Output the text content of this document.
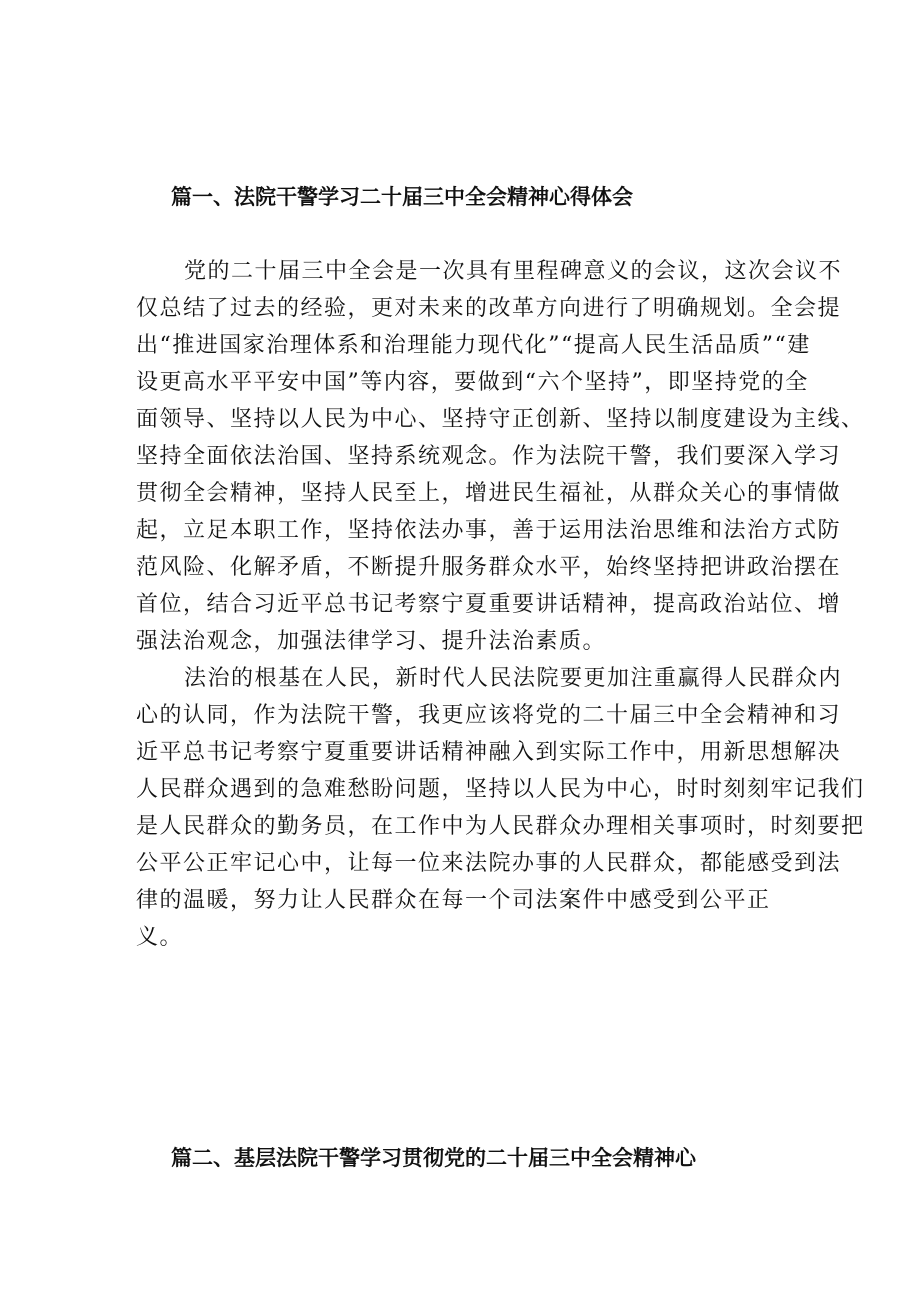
篇一、法院干警学习二十届三中全会精神心得体会
党的二十届三中全会是一次具有里程碑意义的会议，这次会议不
仅总结了过去的经验，更对未来的改革方向进行了明确规划。全会提
出“推进国家治理体系和治理能力现代化”“提高人民生活品质”“建
设更高水平平安中国”等内容，要做到“六个坚持”，即坚持党的全
面领导、坚持以人民为中心、坚持守正创新、坚持以制度建设为主线、
坚持全面依法治国、坚持系统观念。作为法院干警，我们要深入学习
贯彻全会精神，坚持人民至上，增进民生福祉，从群众关心的事情做
起，立足本职工作，坚持依法办事，善于运用法治思维和法治方式防
范风险、化解矛盾，不断提升服务群众水平，始终坚持把讲政治摆在
首位，结合习近平总书记考察宁夏重要讲话精神，提高政治站位、增
强法治观念，加强法律学习、提升法治素质。
法治的根基在人民，新时代人民法院要更加注重赢得人民群众内
心的认同，作为法院干警，我更应该将党的二十届三中全会精神和习
近平总书记考察宁夏重要讲话精神融入到实际工作中，用新思想解决
人民群众遇到的急难愁盼问题，坚持以人民为中心，时时刻刻牢记我们
是人民群众的勤务员，在工作中为人民群众办理相关事项时，时刻要把
公平公正牢记心中，让每一位来法院办事的人民群众，都能感受到法
律的温暖，努力让人民群众在每一个司法案件中感受到公平正
义。
篇二、基层法院干警学习贯彻党的二十届三中全会精神心
